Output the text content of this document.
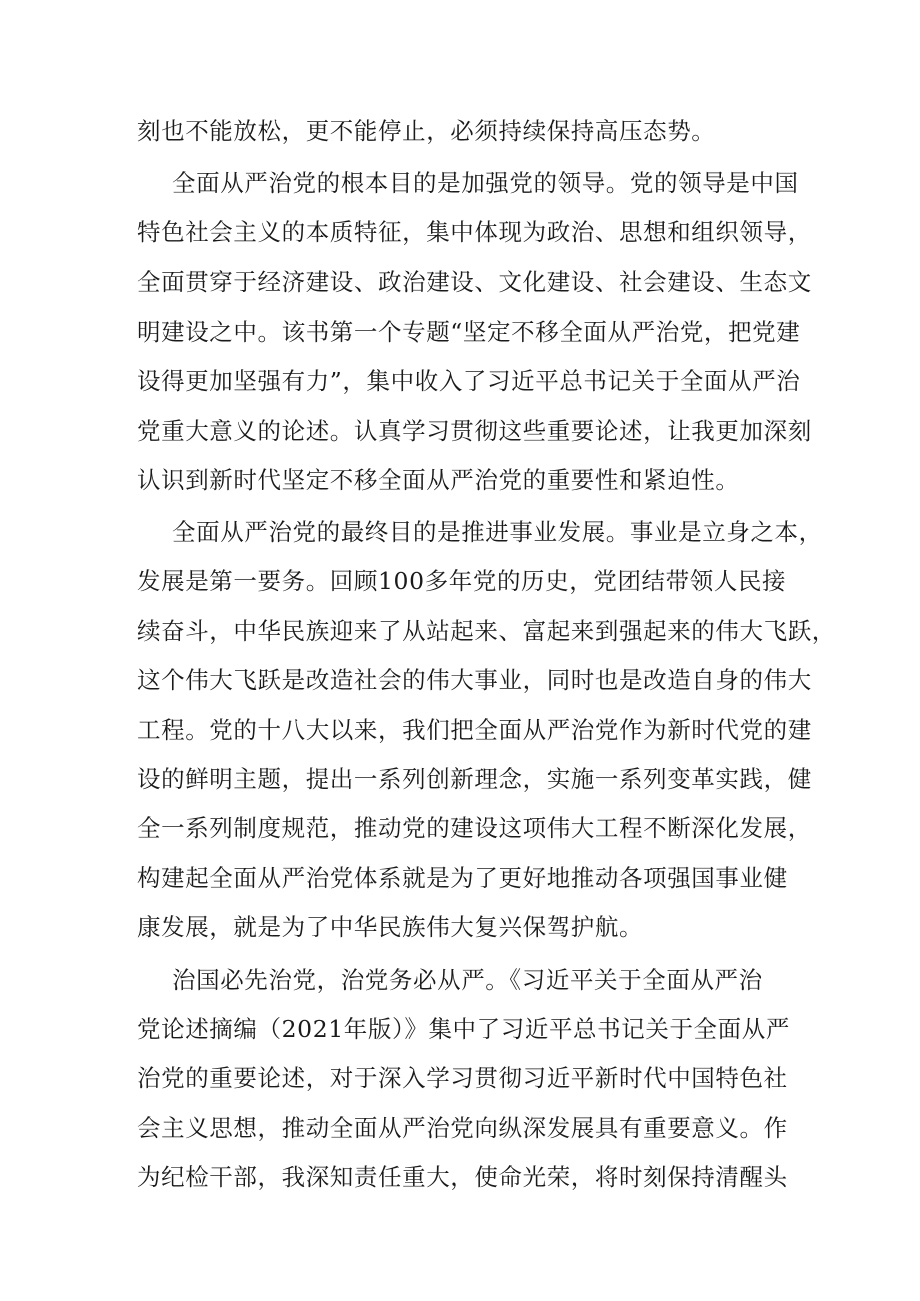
刻也不能放松，更不能停止，必须持续保持高压态势。
全面从严治党的根本目的是加强党的领导。党的领导是中国
特色社会主义的本质特征，集中体现为政治、思想和组织领导，
全面贯穿于经济建设、政治建设、文化建设、社会建设、生态文
明建设之中。该书第一个专题“坚定不移全面从严治党，把党建
设得更加坚强有力”，集中收入了习近平总书记关于全面从严治
党重大意义的论述。认真学习贯彻这些重要论述，让我更加深刻
认识到新时代坚定不移全面从严治党的重要性和紧迫性。
全面从严治党的最终目的是推进事业发展。事业是立身之本，
发展是第一要务。回顾100多年党的历史，党团结带领人民接
续奋斗，中华民族迎来了从站起来、富起来到强起来的伟大飞跃，
这个伟大飞跃是改造社会的伟大事业，同时也是改造自身的伟大
工程。党的十八大以来，我们把全面从严治党作为新时代党的建
设的鲜明主题，提出一系列创新理念，实施一系列变革实践，健
全一系列制度规范，推动党的建设这项伟大工程不断深化发展，
构建起全面从严治党体系就是为了更好地推动各项强国事业健
康发展，就是为了中华民族伟大复兴保驾护航。
治国必先治党，治党务必从严。《习近平关于全面从严治
党论述摘编（2021年版）》集中了习近平总书记关于全面从严
治党的重要论述，对于深入学习贯彻习近平新时代中国特色社
会主义思想，推动全面从严治党向纵深发展具有重要意义。作
为纪检干部，我深知责任重大，使命光荣，将时刻保持清醒头
